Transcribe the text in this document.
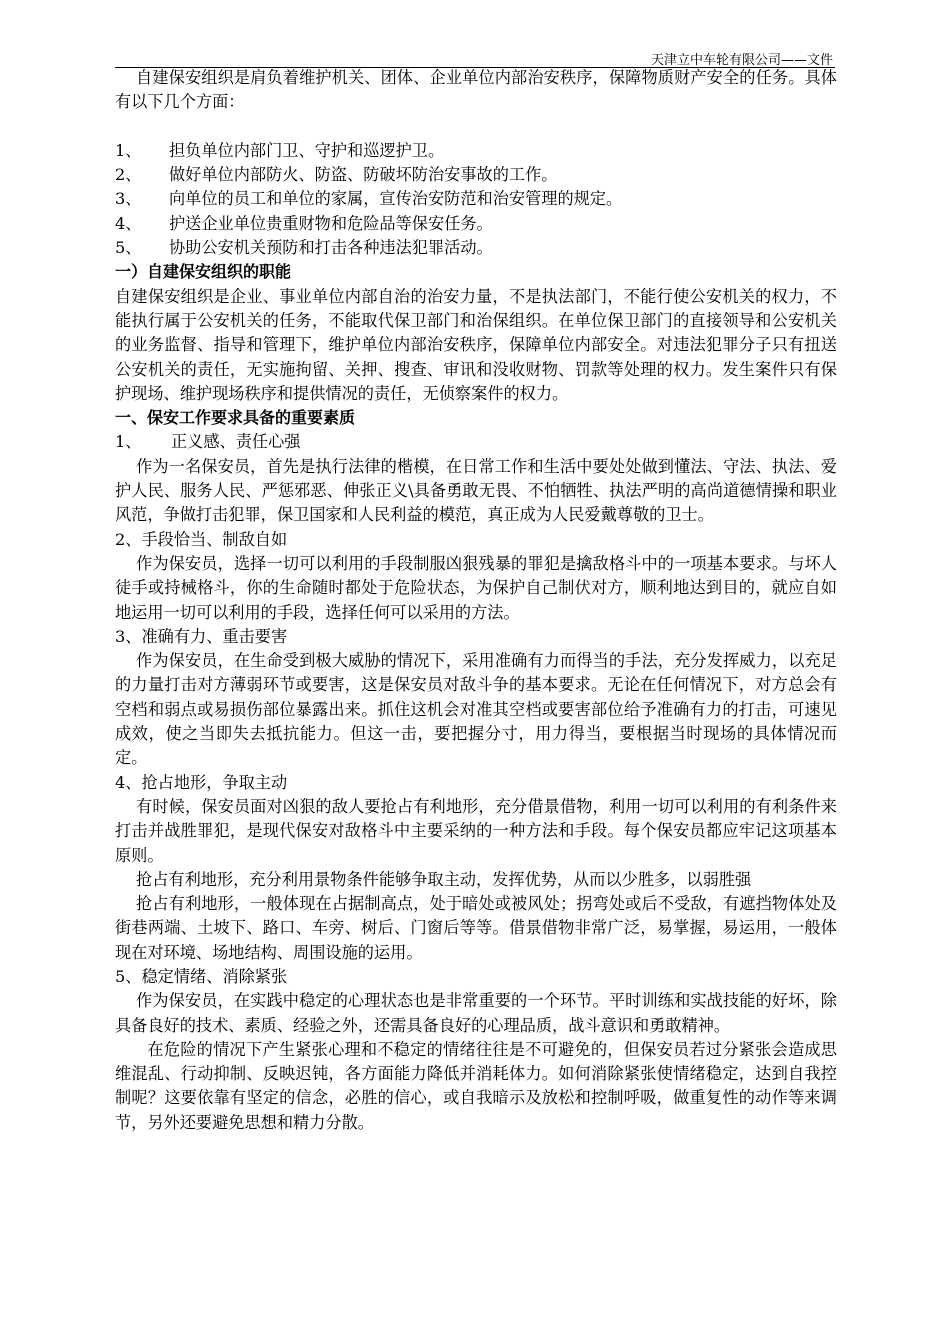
天津立中车轮有限公司——文件

自建保安组织是肩负着维护机关、团体、企业单位内部治安秩序，保障物质财产安全的任务。具体有以下几个方面：

1、	担负单位内部门卫、守护和巡逻护卫。
2、	做好单位内部防火、防盗、防破坏防治安事故的工作。
3、	向单位的员工和单位的家属，宣传治安防范和治安管理的规定。
4、	护送企业单位贵重财物和危险品等保安任务。
5、	协助公安机关预防和打击各种违法犯罪活动。

一）自建保安组织的职能

自建保安组织是企业、事业单位内部自治的治安力量，不是执法部门，不能行使公安机关的权力，不能执行属于公安机关的任务，不能取代保卫部门和治保组织。在单位保卫部门的直接领导和公安机关的业务监督、指导和管理下，维护单位内部治安秩序，保障单位内部安全。对违法犯罪分子只有扭送公安机关的责任，无实施拘留、关押、搜查、审讯和没收财物、罚款等处理的权力。发生案件只有保护现场、维护现场秩序和提供情况的责任，无侦察案件的权力。

一、保安工作要求具备的重要素质

1、	正义感、责任心强

作为一名保安员，首先是执行法律的楷模，在日常工作和生活中要处处做到懂法、守法、执法、爱护人民、服务人民、严惩邪恶、伸张正义\具备勇敢无畏、不怕牺牲、执法严明的高尚道德情操和职业风范，争做打击犯罪，保卫国家和人民利益的模范，真正成为人民爱戴尊敬的卫士。

2、手段恰当、制敌自如

作为保安员，选择一切可以利用的手段制服凶狠残暴的罪犯是擒敌格斗中的一项基本要求。与坏人徒手或持械格斗，你的生命随时都处于危险状态，为保护自己制伏对方，顺利地达到目的，就应自如地运用一切可以利用的手段，选择任何可以采用的方法。

3、准确有力、重击要害

作为保安员，在生命受到极大威胁的情况下，采用准确有力而得当的手法，充分发挥威力，以充足的力量打击对方薄弱环节或要害，这是保安员对敌斗争的基本要求。无论在任何情况下，对方总会有空档和弱点或易损伤部位暴露出来。抓住这机会对准其空档或要害部位给予准确有力的打击，可速见成效，使之当即失去抵抗能力。但这一击，要把握分寸，用力得当，要根据当时现场的具体情况而定。

4、抢占地形，争取主动

有时候，保安员面对凶狠的敌人要抢占有利地形，充分借景借物，利用一切可以利用的有利条件来打击并战胜罪犯，是现代保安对敌格斗中主要采纳的一种方法和手段。每个保安员都应牢记这项基本原则。

抢占有利地形，充分利用景物条件能够争取主动，发挥优势，从而以少胜多，以弱胜强

抢占有利地形，一般体现在占据制高点，处于暗处或被风处；拐弯处或后不受敌，有遮挡物体处及街巷两端、土坡下、路口、车旁、树后、门窗后等等。借景借物非常广泛，易掌握，易运用，一般体现在对环境、场地结构、周围设施的运用。

5、稳定情绪、消除紧张

作为保安员，在实践中稳定的心理状态也是非常重要的一个环节。平时训练和实战技能的好坏，除具备良好的技术、素质、经验之外，还需具备良好的心理品质，战斗意识和勇敢精神。

在危险的情况下产生紧张心理和不稳定的情绪往往是不可避免的，但保安员若过分紧张会造成思维混乱、行动抑制、反映迟钝，各方面能力降低并消耗体力。如何消除紧张使情绪稳定，达到自我控制呢？这要依靠有坚定的信念，必胜的信心，或自我暗示及放松和控制呼吸，做重复性的动作等来调节，另外还要避免思想和精力分散。
